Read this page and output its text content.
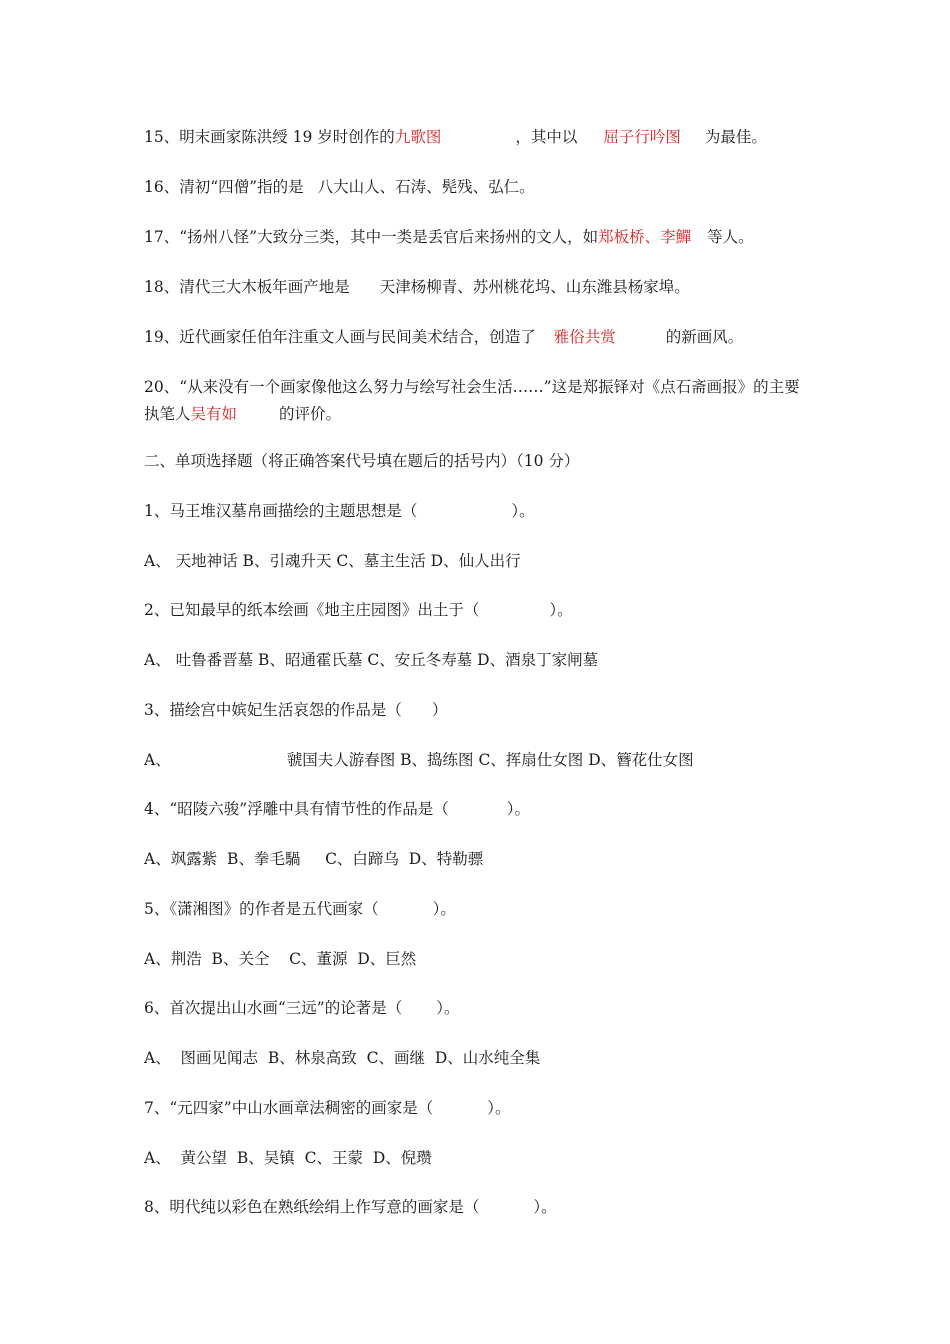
15、明末画家陈洪绶 19 岁时创作的九歌图	，其中以 屈子行吟图 为最佳。
16、清初“四僧”指的是 八大山人、石涛、髡残、弘仁。
17、“扬州八怪”大致分三类，其中一类是丢官后来扬州的文人，如郑板桥、李鱓 等人。
18、清代三大木板年画产地是 天津杨柳青、苏州桃花坞、山东潍县杨家埠。
19、近代画家任伯年注重文人画与民间美术结合，创造了 雅俗共赏	的新画风。
20、“从来没有一个画家像他这么努力与绘写社会生活……”这是郑振铎对《点石斋画报》的主要执笔人吴有如	的评价。
二、单项选择题（将正确答案代号填在题后的括号内）（10 分）
1、马王堆汉墓帛画描绘的主题思想是（	）。
A、 天地神话 B、引魂升天 C、墓主生活 D、仙人出行
2、已知最早的纸本绘画《地主庄园图》出土于（	）。
A、 吐鲁番晋墓 B、昭通霍氏墓 C、安丘冬寿墓 D、酒泉丁家闸墓
3、描绘宫中嫔妃生活哀怨的作品是（ ）
A、	虢国夫人游春图 B、捣练图 C、挥扇仕女图 D、簪花仕女图
4、“昭陵六骏”浮雕中具有情节性的作品是（	）。
A、飒露紫  B、拳毛騧     C、白蹄乌  D、特勒骠
5、《潇湘图》的作者是五代画家（	）。
A、荆浩  B、关仝    C、董源  D、巨然
6、首次提出山水画“三远”的论著是（ ）。
A、  图画见闻志  B、林泉高致  C、画继  D、山水纯全集
7、“元四家”中山水画章法稠密的画家是（	）。
A、  黄公望  B、吴镇  C、王蒙  D、倪瓒
8、明代纯以彩色在熟纸绘绢上作写意的画家是（	）。
